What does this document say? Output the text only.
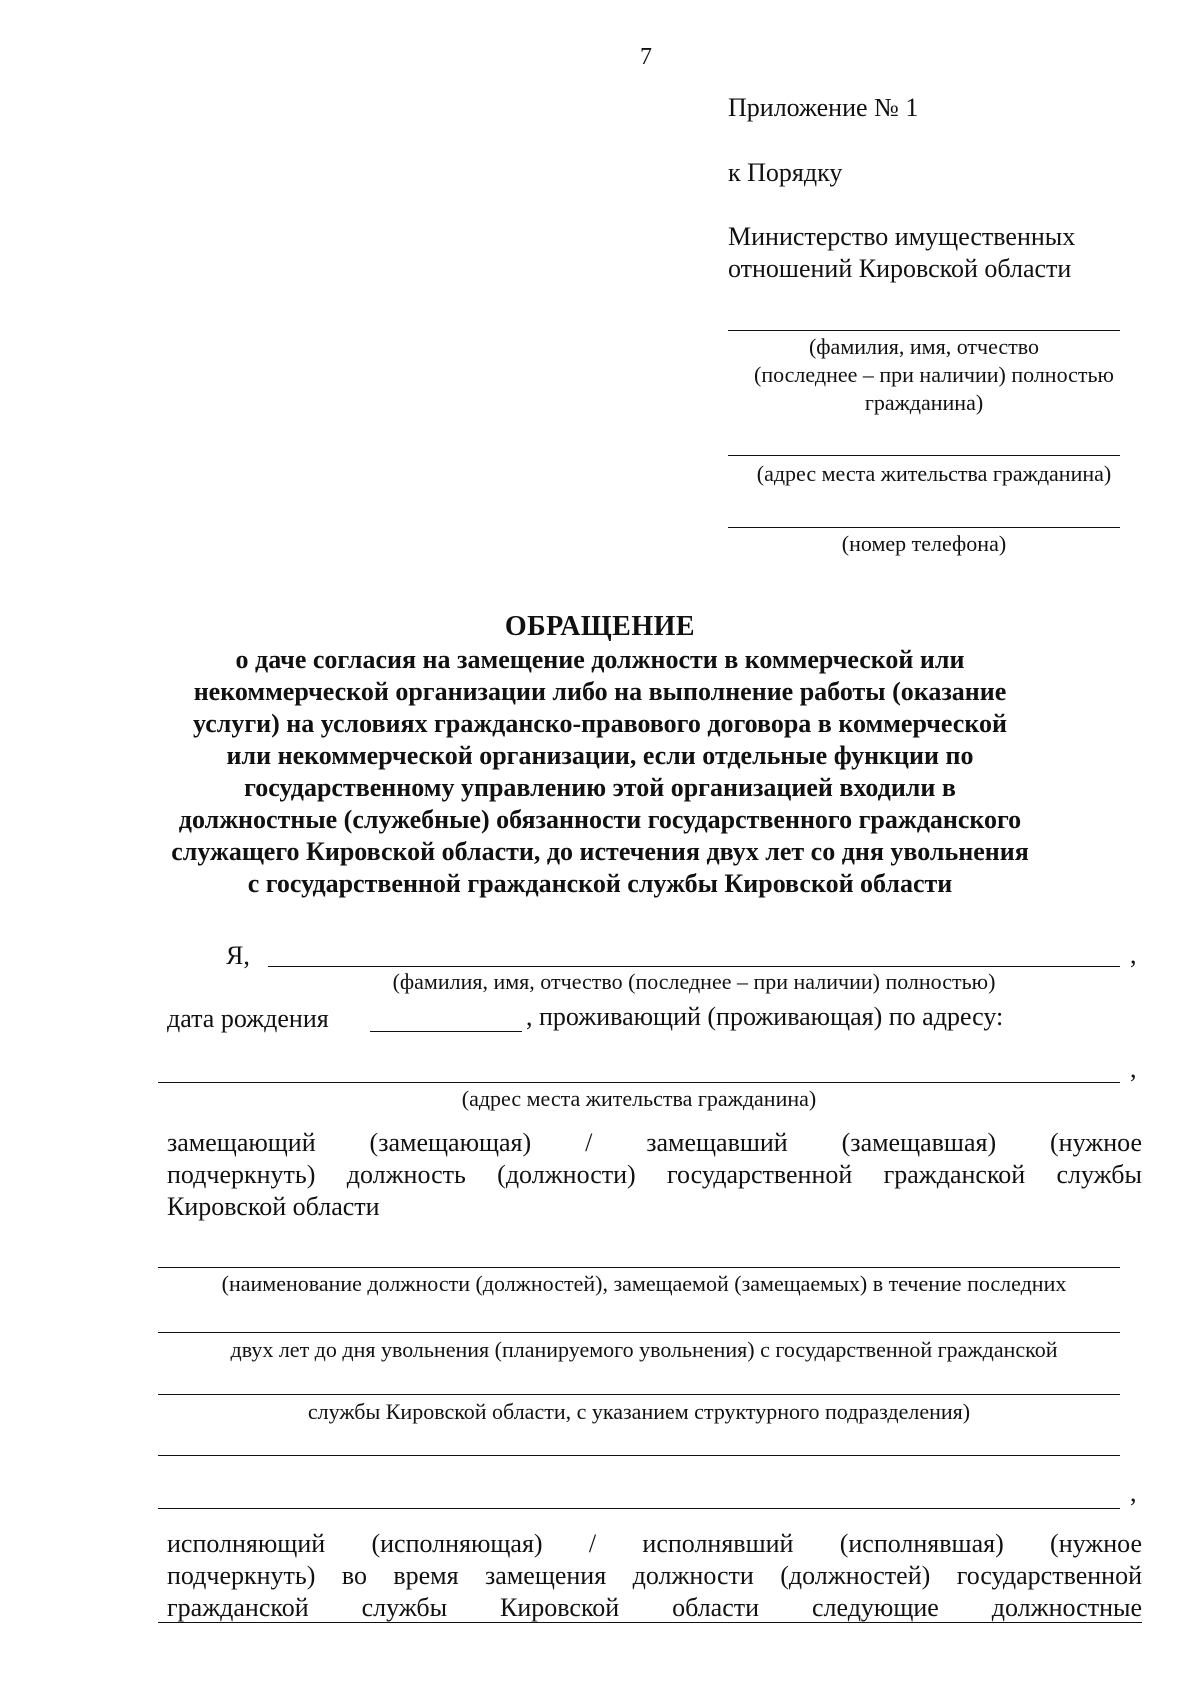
7
Приложение № 1
к Порядку
Министерство имущественных
отношений Кировской области
(фамилия, имя, отчество
(последнее – при наличии) полностью
гражданина)
(адрес места жительства гражданина)
(номер телефона)
ОБРАЩЕНИЕ
о даче согласия на замещение должности в коммерческой или
некоммерческой организации либо на выполнение работы (оказание
услуги) на условиях гражданско-правового договора в коммерческой
или некоммерческой организации, если отдельные функции по
государственному управлению этой организацией входили в
должностные (служебные) обязанности государственного гражданского
служащего Кировской области, до истечения двух лет со дня увольнения
с государственной гражданской службы Кировской области
Я,	,
(фамилия, имя, отчество (последнее – при наличии) полностью)
дата рождения	, проживающий (проживающая) по адресу:
,
(адрес места жительства гражданина)
замещающий (замещающая) / замещавший (замещавшая) (нужное
подчеркнуть) должность (должности) государственной гражданской службы
Кировской области
(наименование должности (должностей), замещаемой (замещаемых) в течение последних
двух лет до дня увольнения (планируемого увольнения) с государственной гражданской
службы Кировской области, с указанием структурного подразделения)
,
исполняющий (исполняющая) / исполнявший (исполнявшая) (нужное
подчеркнуть) во время замещения должности (должностей) государственной
гражданской службы Кировской области следующие должностные
